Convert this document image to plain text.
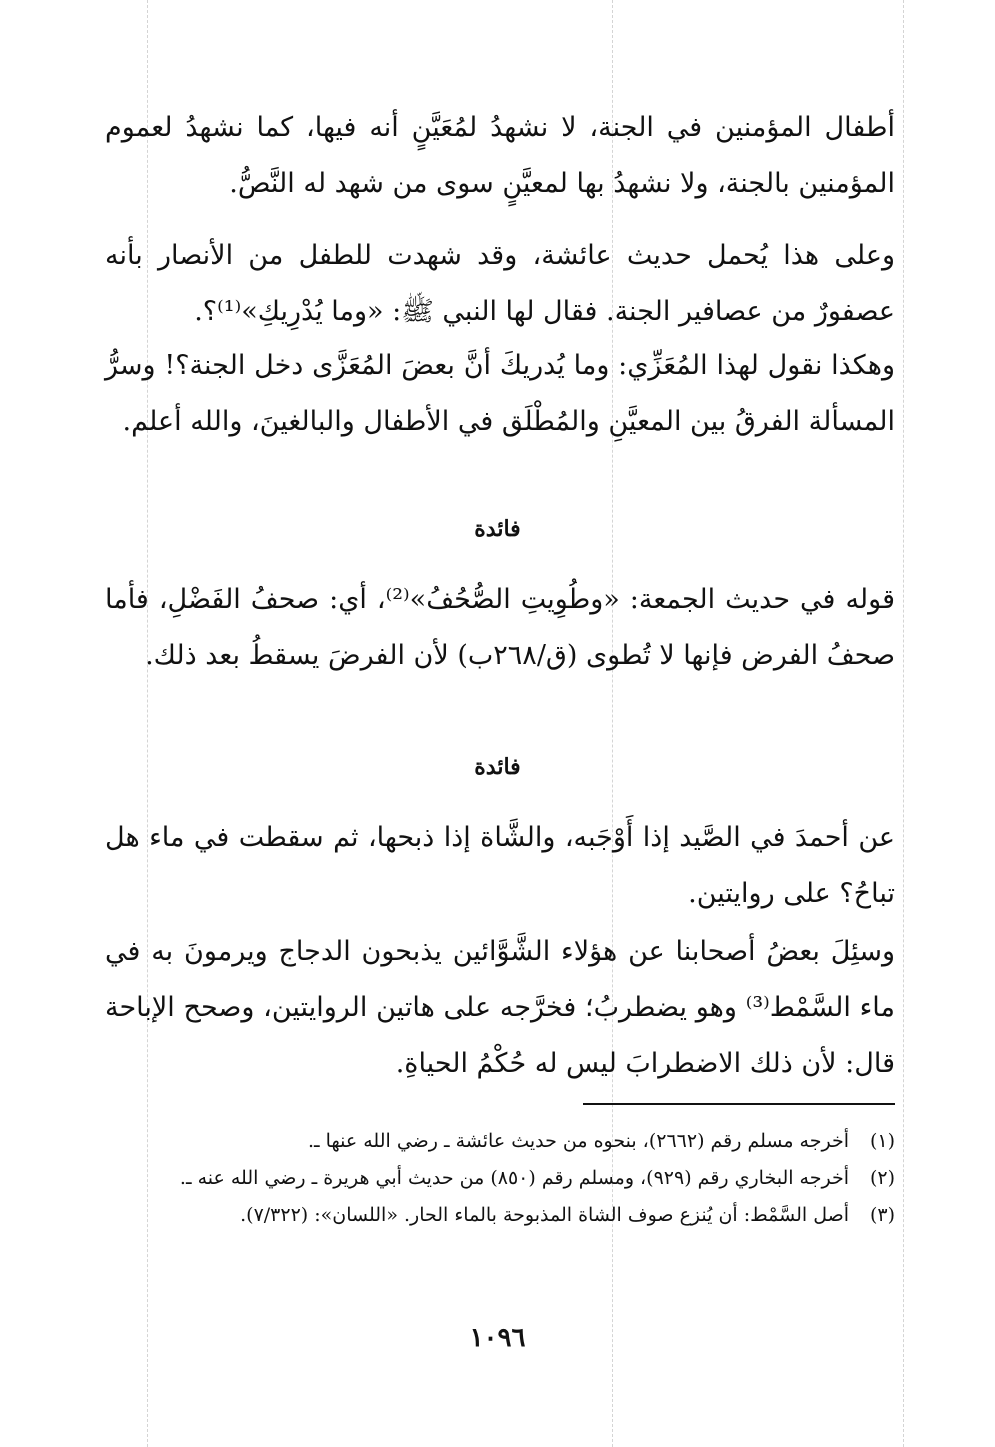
أطفال المؤمنين في الجنة، لا نشهدُ لمُعَيَّنٍ أنه فيها، كما نشهدُ لعموم المؤمنين بالجنة، ولا نشهدُ بها لمعيَّنٍ سوى من شهد له النَّصُّ.

وعلى هذا يُحمل حديث عائشة، وقد شهدت للطفل من الأنصار بأنه عصفورٌ من عصافير الجنة. فقال لها النبي ﷺ: «وما يُدْرِيكِ»⁽¹⁾؟.

وهكذا نقول لهذا المُعَزِّي: وما يُدريكَ أنَّ بعضَ المُعَزَّى دخل الجنة؟! وسرُّ المسألة الفرقُ بين المعيَّنِ والمُطْلَق في الأطفال والبالغينَ، والله أعلم.

فائدة

قوله في حديث الجمعة: «وطُوِيتِ الصُّحُفُ»⁽²⁾، أي: صحفُ الفَضْلِ، فأما صحفُ الفرض فإنها لا تُطوى (ق/٢٦٨ب) لأن الفرضَ يسقطُ بعد ذلك.

فائدة

عن أحمدَ في الصَّيد إذا أَوْجَبه، والشَّاة إذا ذبحها، ثم سقطت في ماء هل تباحُ؟ على روايتين.

وسئِلَ بعضُ أصحابنا عن هؤلاء الشَّوَّائين يذبحون الدجاج ويرمونَ به في ماء السَّمْط⁽³⁾ وهو يضطربُ؛ فخرَّجه على هاتين الروايتين، وصحح الإباحة قال: لأن ذلك الاضطرابَ ليس له حُكْمُ الحياةِ.

(١)
أخرجه مسلم رقم (٢٦٦٢)، بنحوه من حديث عائشة ـ رضي الله عنها ـ.
(٢)
أخرجه البخاري رقم (٩٢٩)، ومسلم رقم (٨٥٠) من حديث أبي هريرة ـ رضي الله عنه ـ.
(٣)
أصل السَّمْط: أن يُنزع صوف الشاة المذبوحة بالماء الحار. «اللسان»: (٧/٣٢٢).
١٠٩٦
